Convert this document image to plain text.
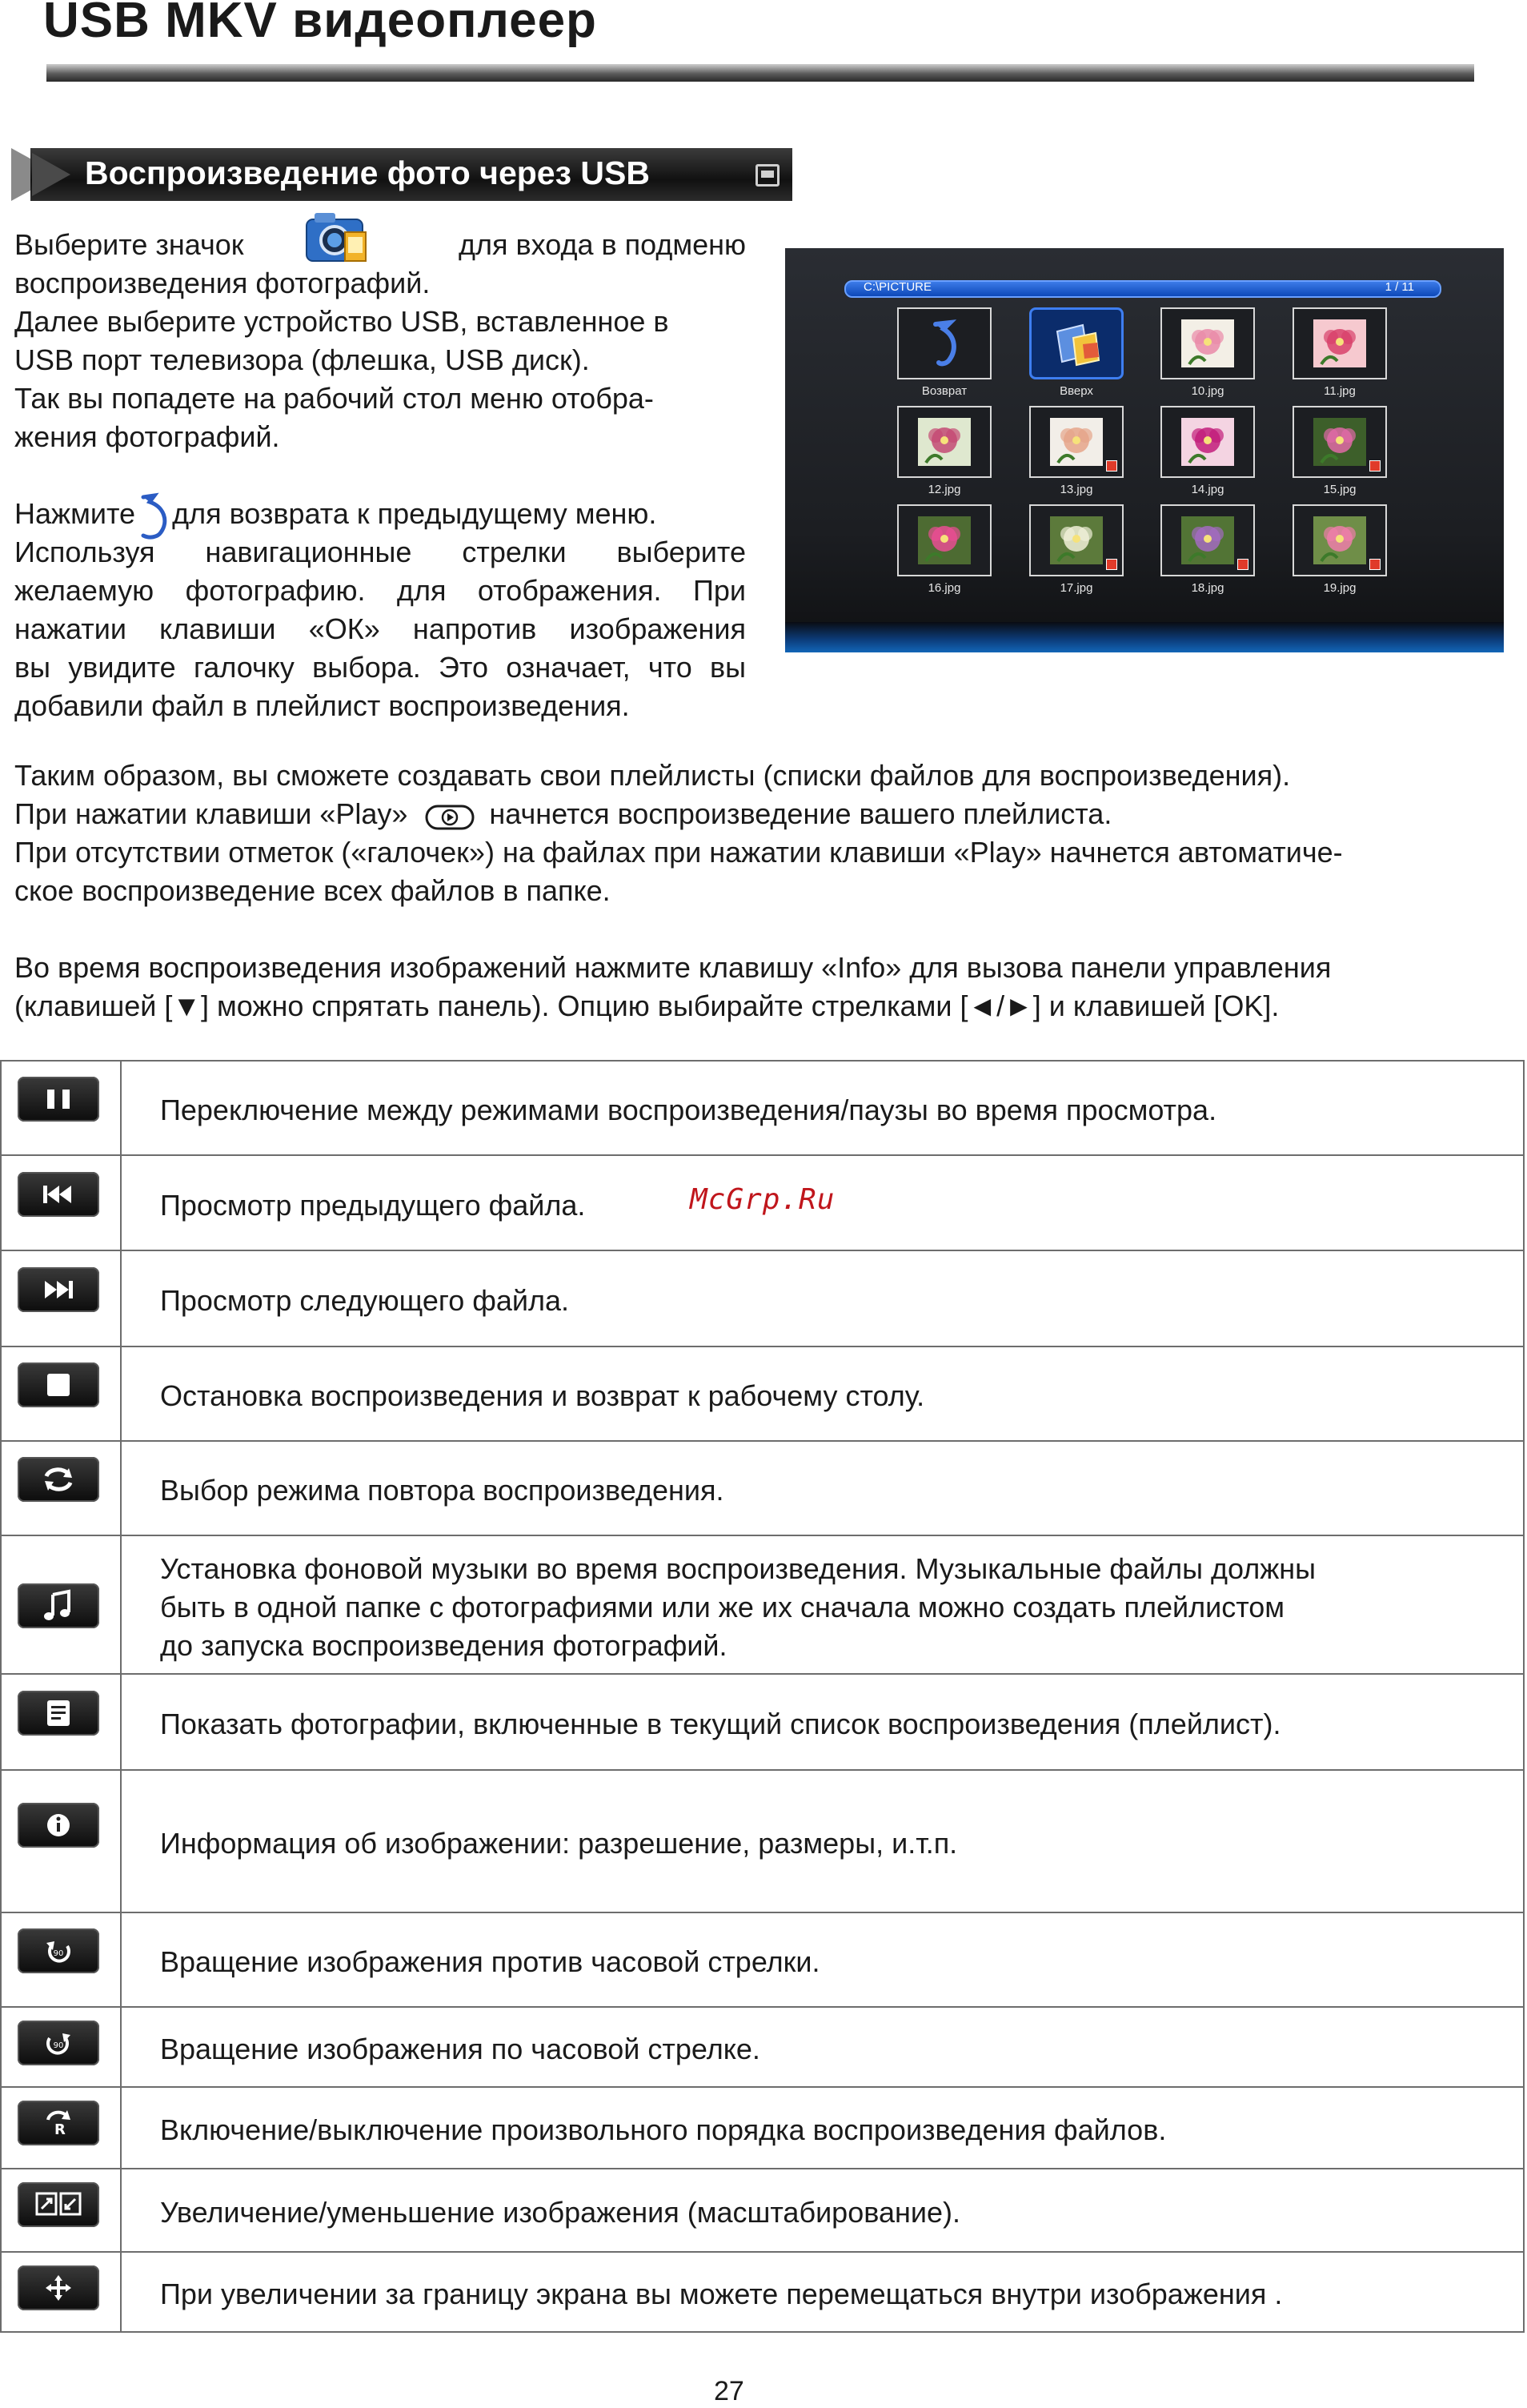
USB MKV видеоплеер
Воспроизведение фото через USB

Выберите значок	для входа в подменю

воспроизведения фотографий.

Далее выберите устройство USB, вставленное в

USB порт телевизора (флешка, USB диск).

Так вы попадете на рабочий стол меню отобра-

жения фотографий.

Нажмите для возврата к предыдущему меню.

Используя навигационные стрелки выберите

желаемую фотографию. для отображения. При

нажатии клавиши «ОК» напротив изображения

вы увидите галочку выбора. Это означает, что вы

добавили файл в плейлист воспроизведения.

C:\PICTURE	1 / 11
Возврат	Вверх	10.jpg	11.jpg
12.jpg	13.jpg	14.jpg	15.jpg
16.jpg	17.jpg	18.jpg	19.jpg

Таким образом, вы сможете создавать свои плейлисты (списки файлов для воспроизведения).

При нажатии клавиши «Play»	начнется воспроизведение вашего плейлиста.

При отсутствии отметок («галочек») на файлах при нажатии клавиши «Play» начнется автоматиче-

ское воспроизведение всех файлов в папке.

Во время воспроизведения изображений нажмите клавишу «Info» для вызова панели управления

(клавишей [▼] можно спрятать панель). Опцию выбирайте стрелками [◄/►] и клавишей [OK].

Переключение между режимами воспроизведения/паузы во время просмотра.
Просмотр предыдущего файла.
Просмотр следующего файла.
Остановка воспроизведения и возврат к рабочему столу.
Выбор режима повтора воспроизведения.
Установка фоновой музыки во время воспроизведения. Музыкальные файлы должны
быть в одной папке с фотографиями или же их сначала можно создать плейлистом
до запуска воспроизведения фотографий.
Показать фотографии, включенные в текущий список воспроизведения (плейлист).
Информация об изображении: разрешение, размеры, и.т.п.
90	Вращение изображения против часовой стрелки.
90	Вращение изображения по часовой стрелке.
R	Включение/выключение произвольного порядка воспроизведения файлов.
Увеличение/уменьшение изображения (масштабирование).
При увеличении за границу экрана вы можете перемещаться внутри изображения .
McGrp.Ru
27
